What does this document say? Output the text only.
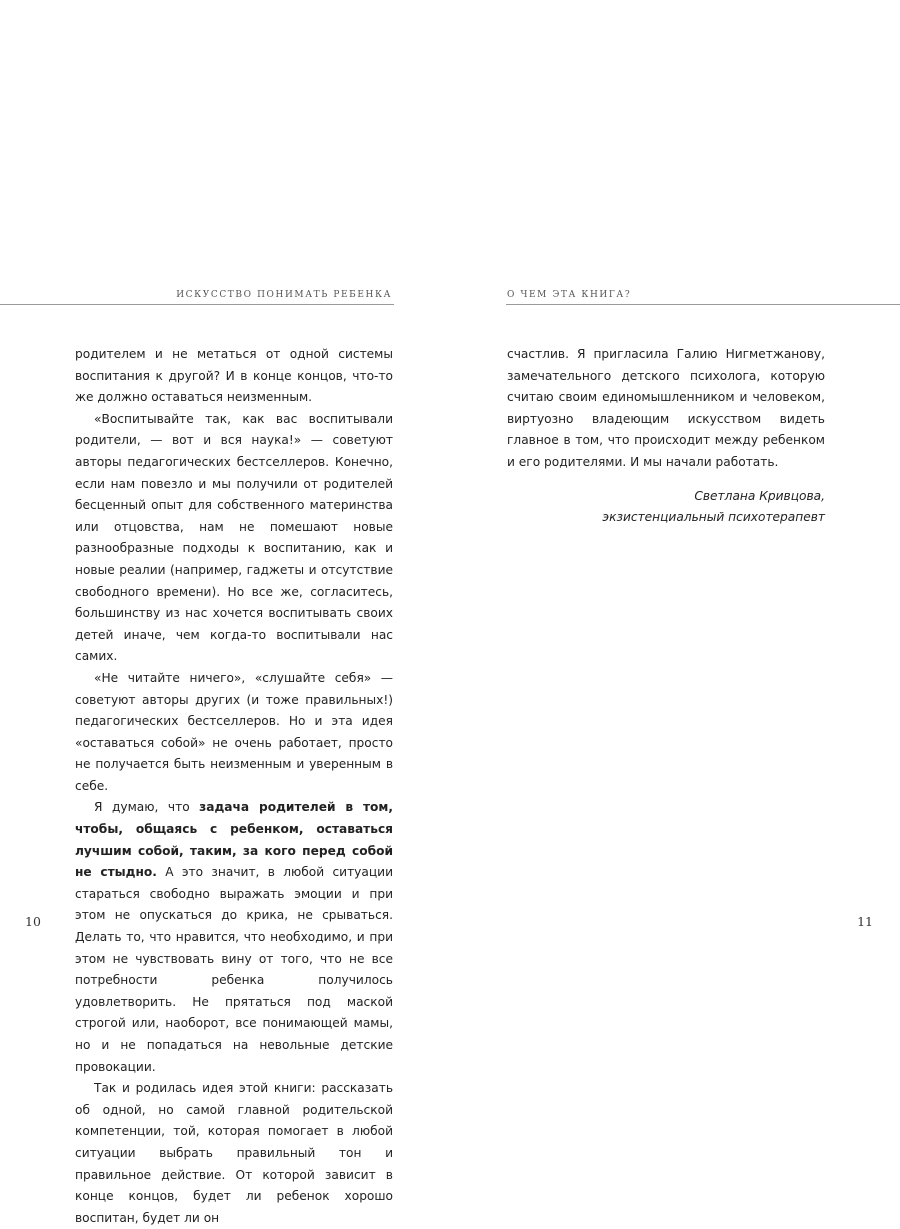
ИСКУССТВО ПОНИМАТЬ РЕБЕНКА

родителем и не метаться от одной системы воспитания к другой? И в конце концов, что-то же должно оставаться неизменным.

«Воспитывайте так, как вас воспитывали родители, — вот и вся наука!» — советуют авторы педагогических бестселлеров. Конечно, если нам повезло и мы получили от родителей бесценный опыт для собственного материнства или отцовства, нам не помешают новые разнообразные подходы к воспитанию, как и новые реалии (например, гаджеты и отсутствие свободного времени). Но все же, согласитесь, большинству из нас хочется воспитывать своих детей иначе, чем когда-то воспитывали нас самих.

«Не читайте ничего», «слушайте себя» — советуют авторы других (и тоже правильных!) педагогических бестселлеров. Но и эта идея «оставаться собой» не очень работает, просто не получается быть неизменным и уверенным в себе.

Я думаю, что задача родителей в том, чтобы, общаясь с ребенком, оставаться лучшим собой, таким, за кого перед собой не стыдно. А это значит, в любой ситуации стараться свободно выражать эмоции и при этом не опускаться до крика, не срываться. Делать то, что нравится, что необходимо, и при этом не чувствовать вину от того, что не все потребности ребенка получилось удовлетворить. Не прятаться под маской строгой или, наоборот, все понимающей мамы, но и не попадаться на невольные детские провокации.

Так и родилась идея этой книги: рассказать об одной, но самой главной родительской компетенции, той, которая помогает в любой ситуации выбрать правильный тон и правильное действие. От которой зависит в конце концов, будет ли ребенок хорошо воспитан, будет ли он

10
О ЧЕМ ЭТА КНИГА?

счастлив. Я пригласила Галию Нигметжанову, замечательного детского психолога, которую считаю своим единомышленником и человеком, виртуозно владеющим искусством видеть главное в том, что происходит между ребенком и его родителями. И мы начали работать.

Светлана Кривцова,
экзистенциальный психотерапевт
11
